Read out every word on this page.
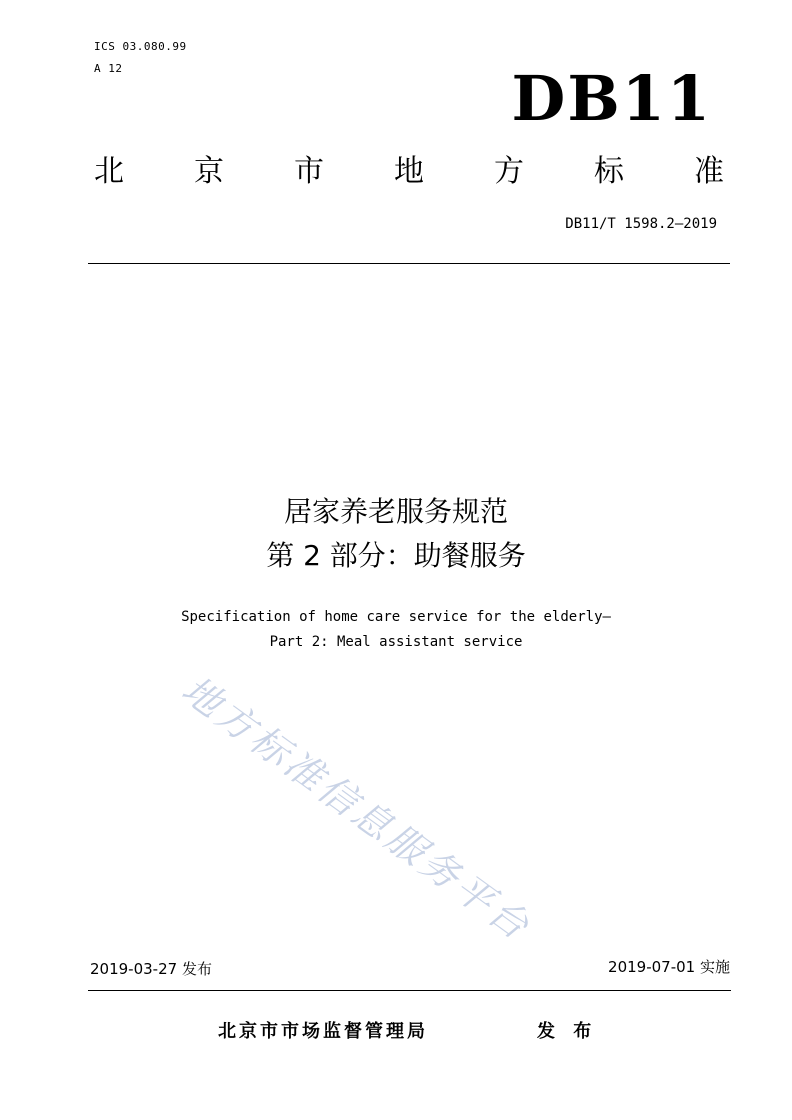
ICS 03.080.99
A 12	DB11
北 京 市 地 方 标 准
DB11/T 1598.2—2019
居家养老服务规范
第 2 部分：助餐服务
Specification of home care service for the elderly—
Part 2: Meal assistant service
地方标准信息服务平台
2019-03-27 发布	2019-07-01 实施
北京市市场监督管理局	发 布
